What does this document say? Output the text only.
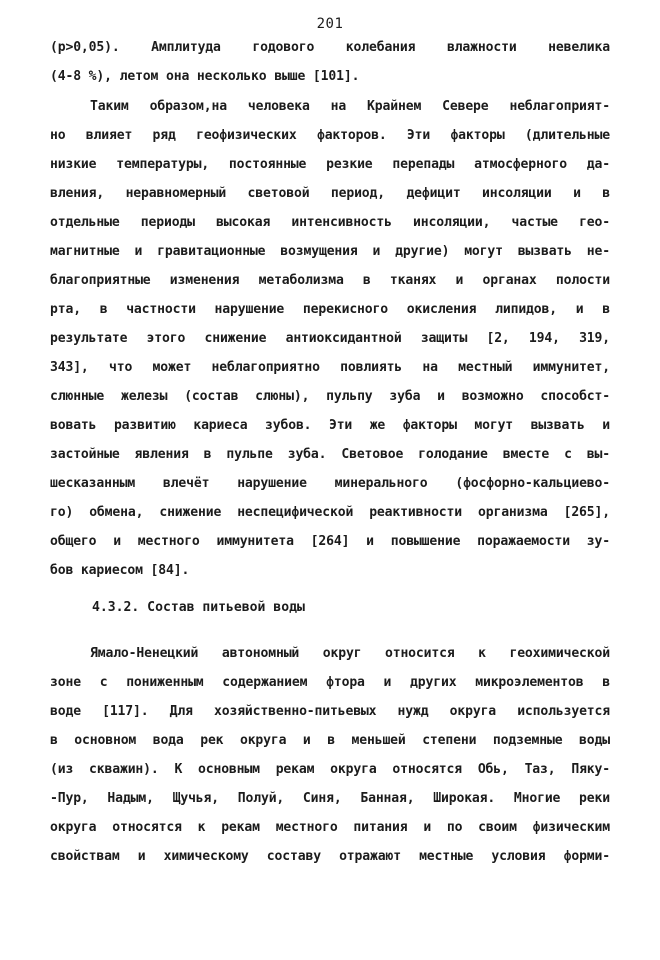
201
(p>0,05). Амплитуда годового колебания влажности невелика
(4-8 %), летом она несколько выше [101].
Таким образом,на человека на Крайнем Севере неблагоприят-
но влияет ряд геофизических факторов. Эти факторы (длительные
низкие температуры, постоянные резкие перепады атмосферного да-
вления, неравномерный световой период, дефицит инсоляции и в
отдельные периоды высокая интенсивность инсоляции, частые гео-
магнитные и гравитационные возмущения и другие) могут вызвать не-
благоприятные изменения метаболизма в тканях и органах полости
рта, в частности нарушение перекисного окисления липидов, и в
результате этого снижение антиоксидантной защиты [2, 194, 319,
343], что может неблагоприятно повлиять на местный иммунитет,
слюнные железы (состав слюны), пульпу зуба и возможно способст-
вовать развитию кариеса зубов. Эти же факторы могут вызвать и
застойные явления в пульпе зуба. Световое голодание вместе с вы-
шесказанным влечёт нарушение минерального (фосфорно-кальциево-
го) обмена, снижение неспецифической реактивности организма [265],
общего и местного иммунитета [264] и повышение поражаемости зу-
бов кариесом [84].
4.3.2. Состав питьевой воды
Ямало-Ненецкий автономный округ относится к геохимической
зоне с пониженным содержанием фтора и других микроэлементов в
воде [117]. Для хозяйственно-питьевых нужд округа используется
в основном вода рек округа и в меньшей степени подземные воды
(из скважин). К основным рекам округа относятся Обь, Таз, Пяку-
-Пур, Надым, Щучья, Полуй, Синя, Банная, Широкая. Многие реки
округа относятся к рекам местного питания и по своим физическим
свойствам и химическому составу отражают местные условия форми-
